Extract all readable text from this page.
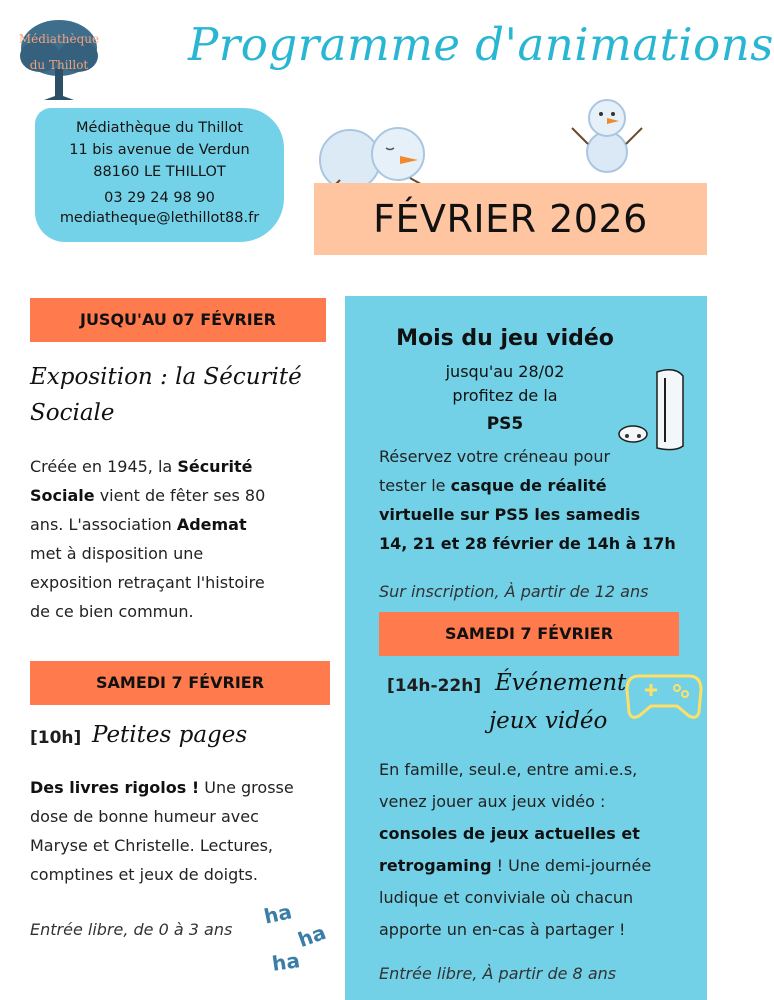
Médiathèque
du Thillot	Programme d'animations
Médiathèque du Thillot
11 bis avenue de Verdun
88160 LE THILLOT
03 29 24 98 90
mediatheque@lethillot88.fr	FÉVRIER 2026
JUSQU'AU 07 FÉVRIER
Exposition : la Sécurité
Sociale
Créée en 1945, la Sécurité
Sociale vient de fêter ses 80
ans. L'association Ademat
met à disposition une
exposition retraçant l'histoire
de ce bien commun.
SAMEDI 7 FÉVRIER
[10h] Petites pages
Des livres rigolos ! Une grosse
dose de bonne humeur avec
Maryse et Christelle. Lectures,
comptines et jeux de doigts.
Entrée libre, de 0 à 3 ans
ha
ha
ha
Mois du jeu vidéo
jusqu'au 28/02
profitez de la
PS5
Réservez votre créneau pour
tester le casque de réalité
virtuelle sur PS5 les samedis
14, 21 et 28 février de 14h à 17h
Sur inscription, À partir de 12 ans
SAMEDI 7 FÉVRIER
[14h-22h] Événement
jeux vidéo
En famille, seul.e, entre ami.e.s,
venez jouer aux jeux vidéo :
consoles de jeux actuelles et
retrogaming ! Une demi-journée
ludique et conviviale où chacun
apporte un en-cas à partager !
Entrée libre, À partir de 8 ans
